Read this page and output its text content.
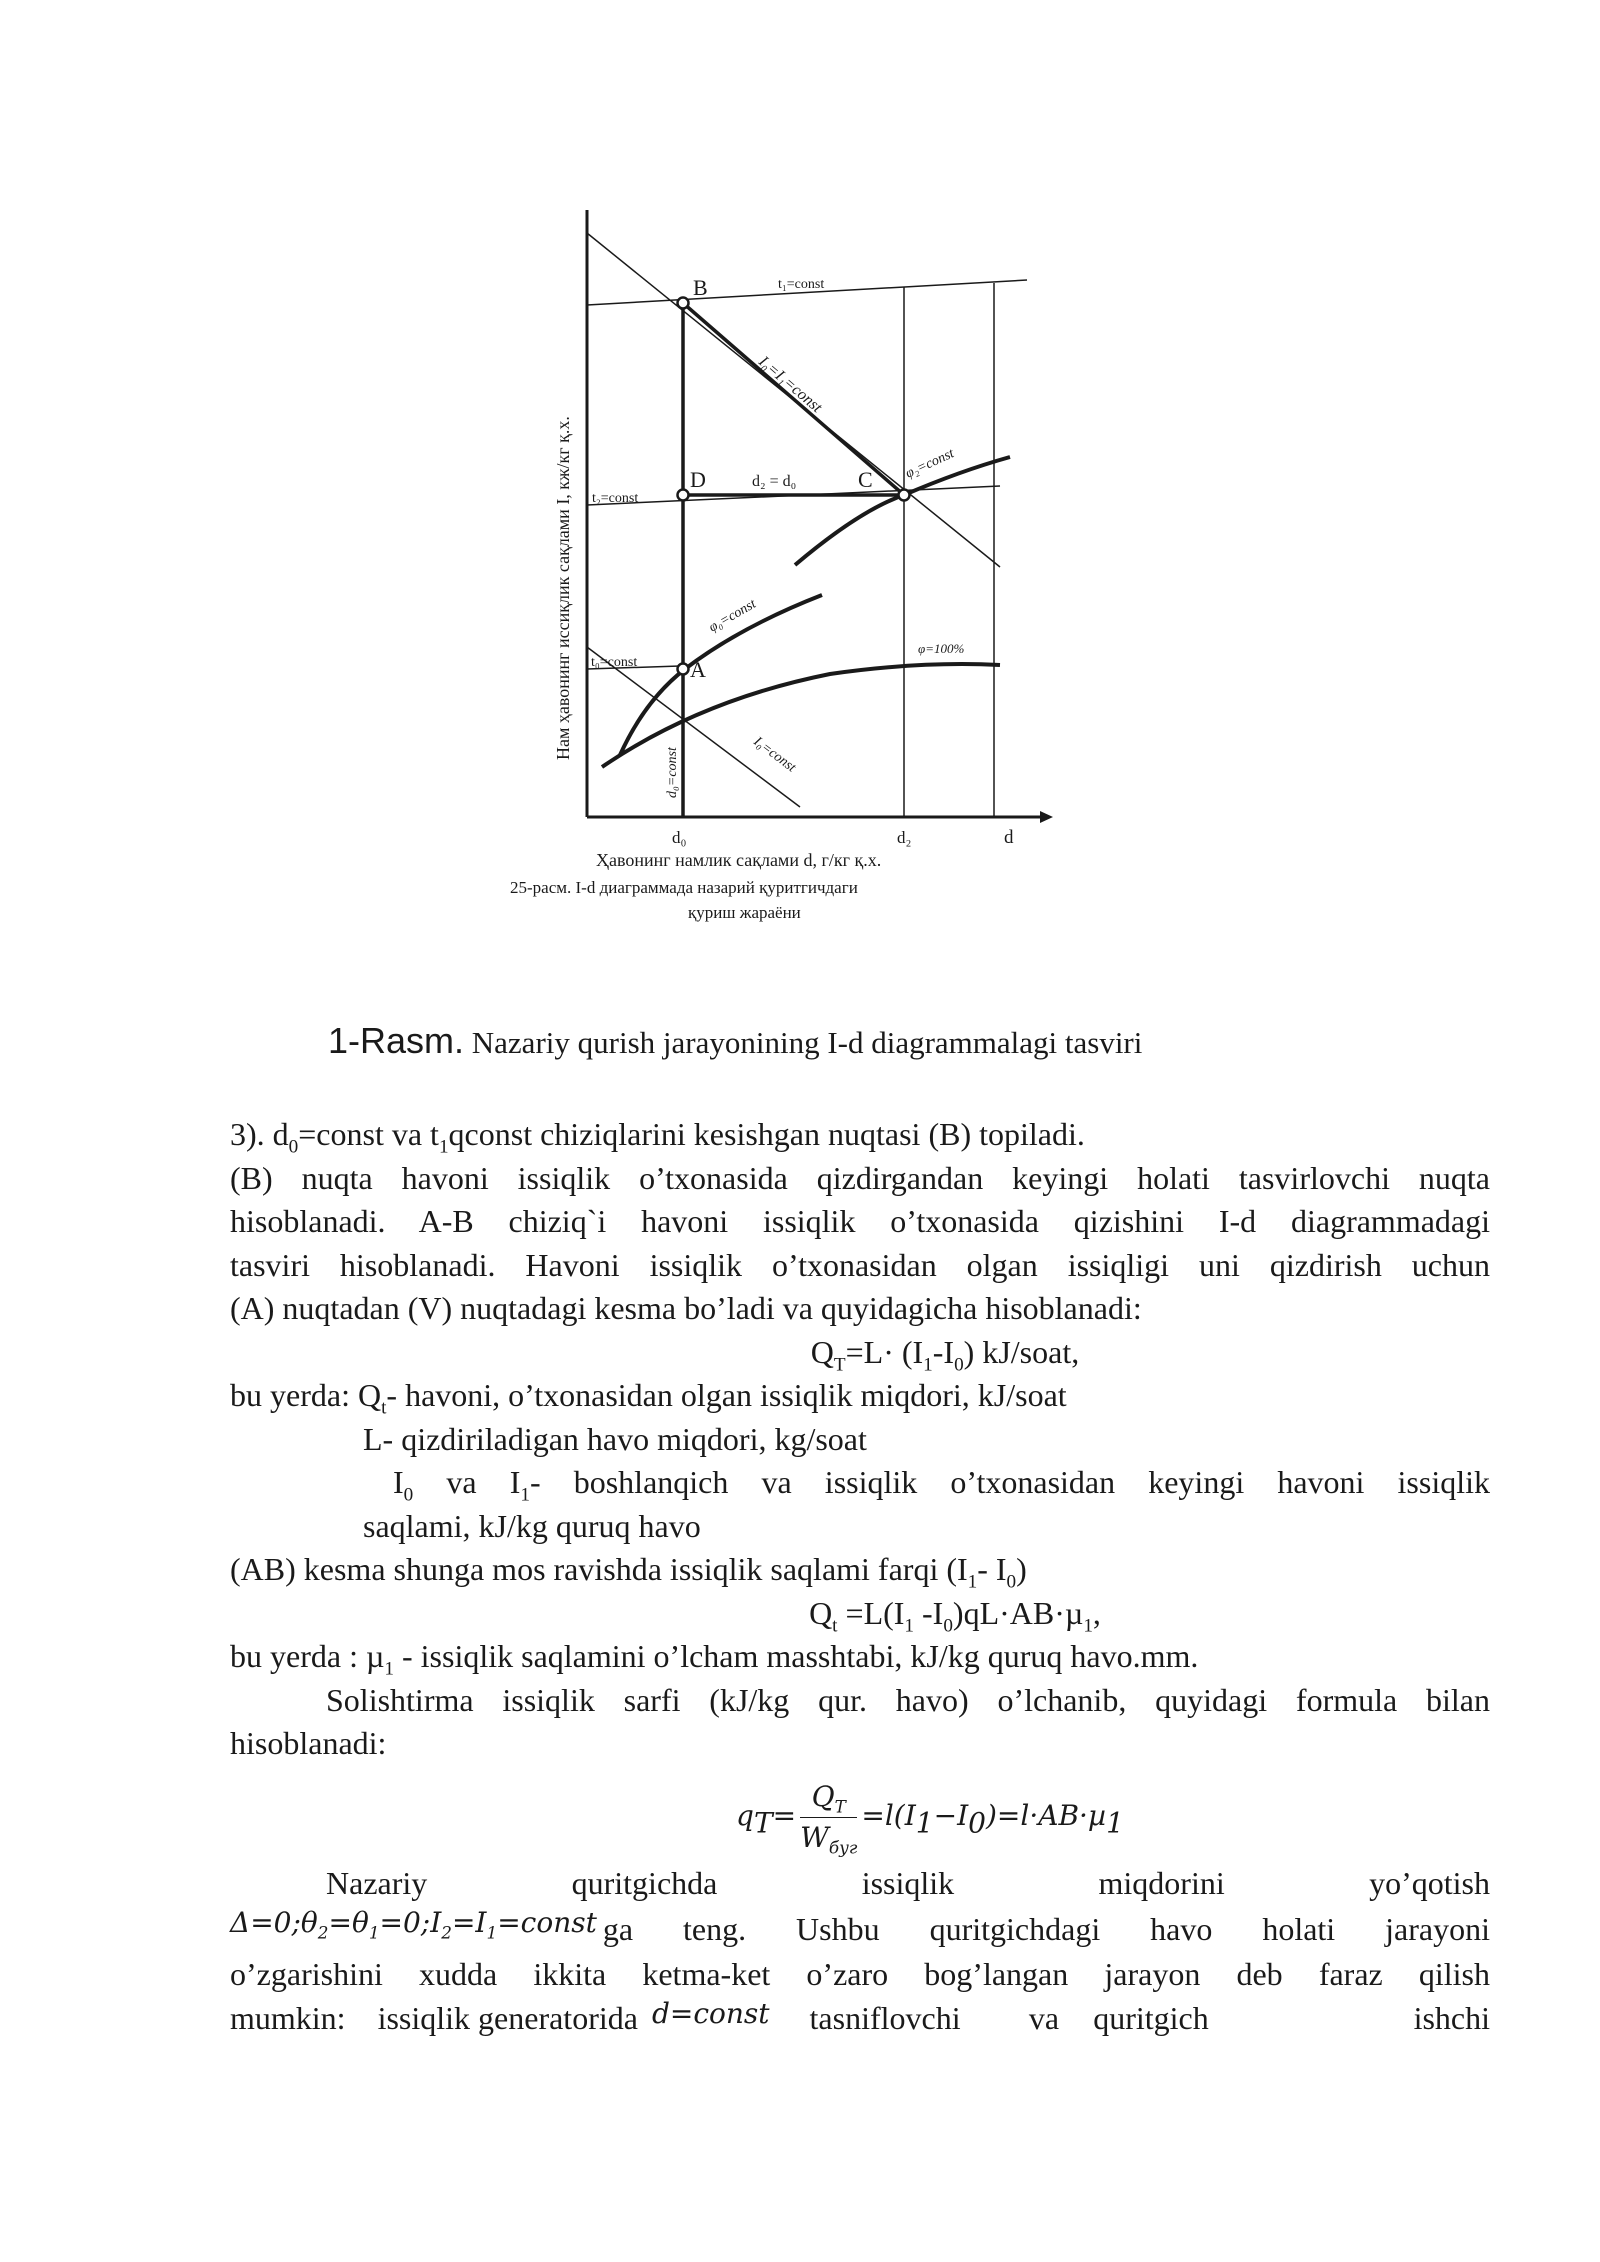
B
D	C
A
t₁=const
t₂=const
t₀=const
d₂ = d₀
φ=100%
I₀=I₁=const
I₀=const
φ₂=const
φ₀=const
d₀=const
d₀	d₂	d
Ҳавонинг намлик сақлами d, г/кг қ.х.
Нам ҳавонинг иссиқлик сақлами I, кж/кг қ.х.
25-расм. I-d диаграммада назарий қуритгичдаги
қуриш жараёни
1-Rasm. Nazariy qurish jarayonining I-d diagrammalagi tasviri
3). $d_0=const$ va $t_1qconst$ chiziqlarini kesishgan nuqtasi (B) topiladi.
(B) nuqta havoni issiqlik o’txonasida qizdirgandan keyingi holati tasvirlovchi nuqta
hisoblanadi. A-B chiziq`i havoni issiqlik o’txonasida qizishini I-d diagrammadagi
tasviri hisoblanadi. Havoni issiqlik o’txonasidan olgan issiqligi uni qizdirish uchun
(A) nuqtadan (V) nuqtadagi kesma bo’ladi va quyidagicha hisoblanadi:
$Q_T=L\cdot (I_1-I_0)$ kJ/soat,
bu yerda: $Q_t-$ havoni, o’txonasidan olgan issiqlik miqdori, kJ/soat
L- qizdiriladigan havo miqdori, kg/soat
$I_0$ va $I_1-$ boshlanqich va issiqlik o’txonasidan keyingi havoni issiqlik
saqlami, kJ/kg quruq havo
(AB) kesma shunga mos ravishda issiqlik saqlami farqi ($I_1-$ $I_0$)
$Q_t =L(I_1$ $-I_0)qL\cdot AB\cdot\mu_1$,
bu yerda : µ$_1$ - issiqlik saqlamini o’lcham masshtabi, kJ/kg quruq havo.mm.
Solishtirma issiqlik sarfi (kJ/kg qur. havo) o’lchanib, quyidagi formula bilan
hisoblanadi:
$q_T= \frac{Q_T}{W_{буг}} =l(I_1-I_0)=l\cdot AB\cdot\mu_1$
Nazariy	quritgichda	issiqlik	miqdorini	yo’qotish
$\Delta=0;\theta_2=\theta_1=0;I_2=I_1=const$ ga teng. Ushbu quritgichdagi havo holati jarayoni
o’zgarishini xudda ikkita ketma-ket o’zaro bog’langan jarayon deb faraz qilish
mumkin:    issiqlik generatorida d=const	tasniflovchi  va quritgich      ishchi
